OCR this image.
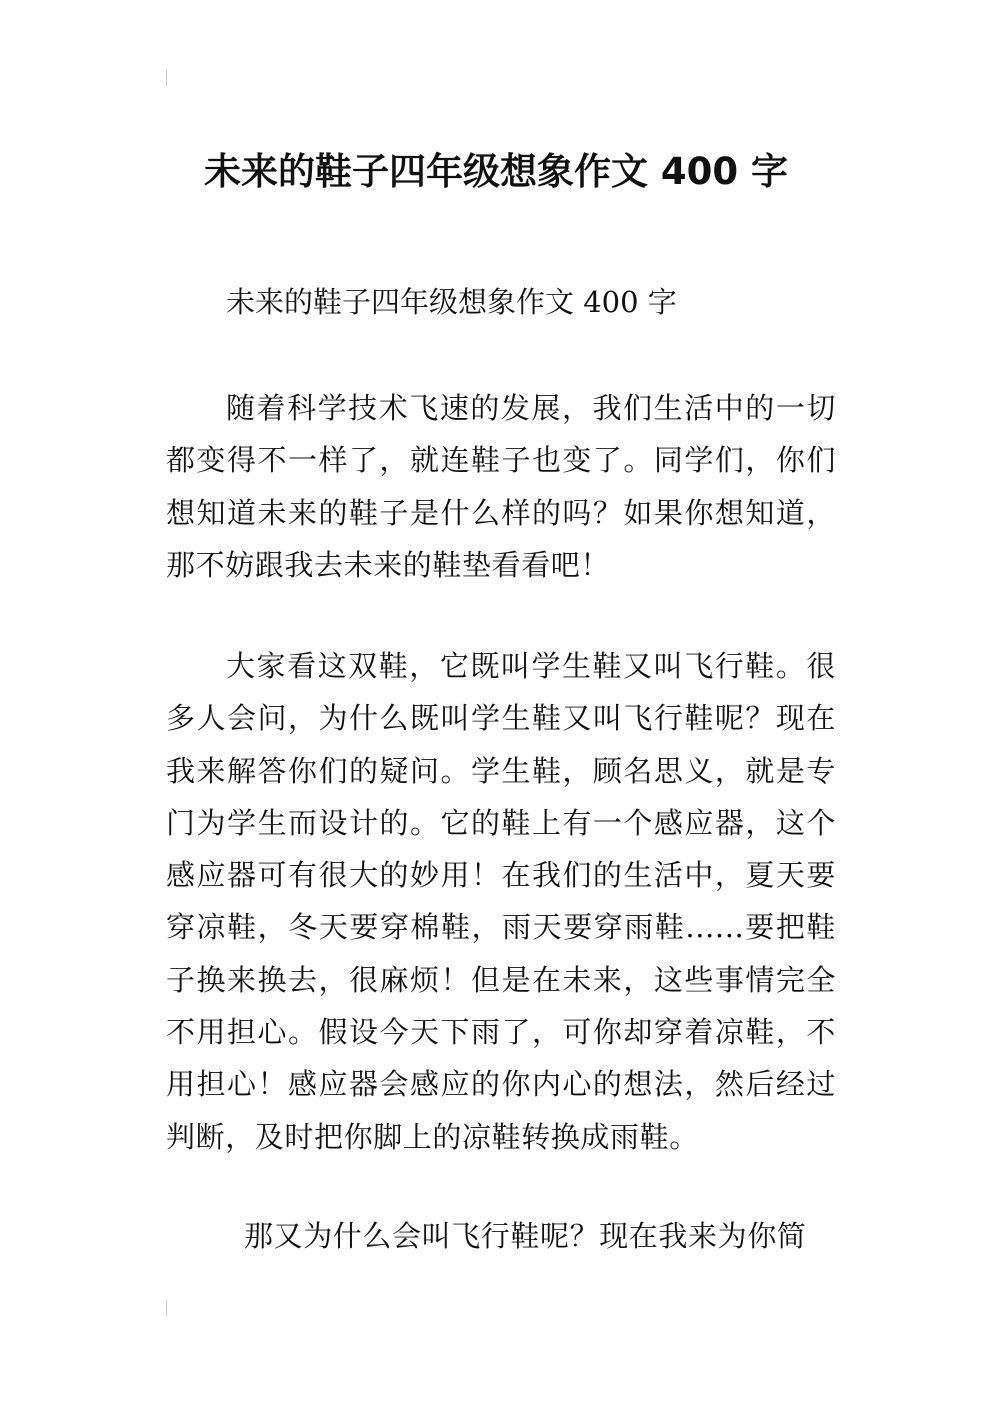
未来的鞋子四年级想象作文 400 字
未来的鞋子四年级想象作文 400 字

随着科学技术飞速的发展，我们生活中的一切都变得不一样了，就连鞋子也变了。同学们，你们想知道未来的鞋子是什么样的吗？如果你想知道，那不妨跟我去未来的鞋垫看看吧！

大家看这双鞋，它既叫学生鞋又叫飞行鞋。很多人会问，为什么既叫学生鞋又叫飞行鞋呢？现在我来解答你们的疑问。学生鞋，顾名思义，就是专门为学生而设计的。它的鞋上有一个感应器，这个感应器可有很大的妙用！在我们的生活中，夏天要穿凉鞋，冬天要穿棉鞋，雨天要穿雨鞋......要把鞋子换来换去，很麻烦！但是在未来，这些事情完全不用担心。假设今天下雨了，可你却穿着凉鞋，不用担心！感应器会感应的你内心的想法，然后经过判断，及时把你脚上的凉鞋转换成雨鞋。

那又为什么会叫飞行鞋呢？现在我来为你简
